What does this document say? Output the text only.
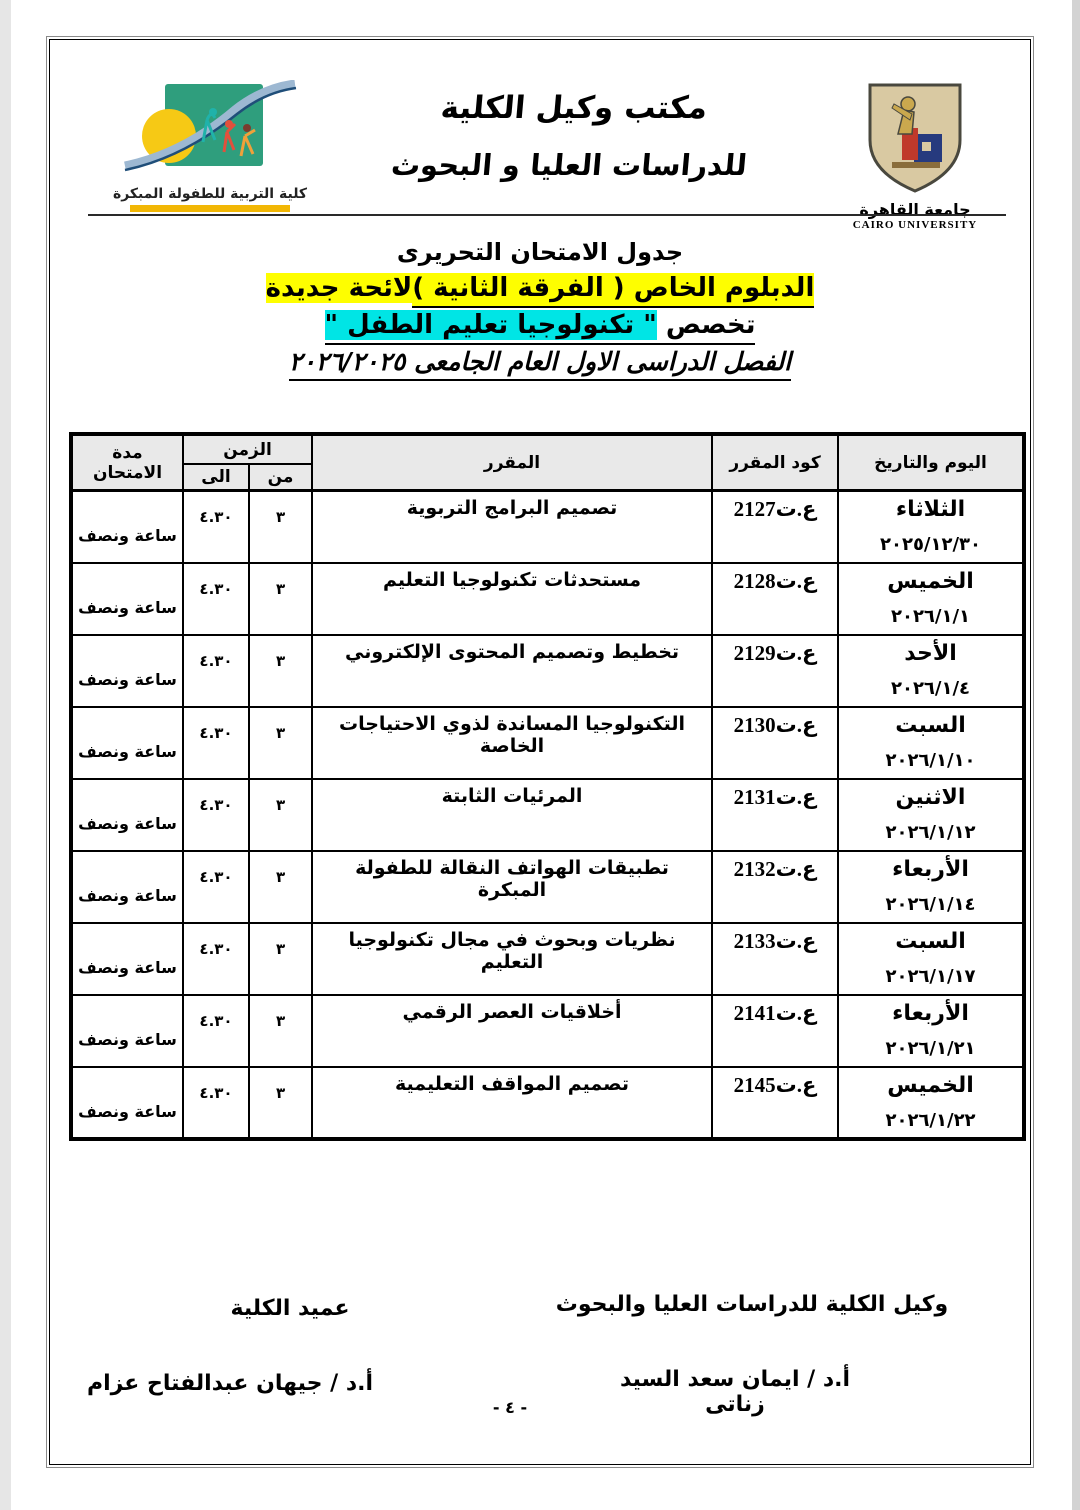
كلية التربية للطفولة المبكرة
مكتب وكيل الكلية
للدراسات العليا و البحوث
جامعة القاهرة
CAIRO UNIVERSITY
جدول الامتحان التحريرى
الدبلوم الخاص ( الفرقة الثانية )لائحة جديدة
تخصص " تكنولوجيا تعليم الطفل "
الفصل الدراسى الاول العام الجامعى ٢٠٢٦/٢٠٢٥
اليوم والتاريخ	كود المقرر	المقرر	الزمن		مدة الامتحان
			من	الى	

الثلاثاء
٢٠٢٥/١٢/٣٠	ع.ت2127	تصميم البرامج التربوية	٣	٤.٣٠	ساعة ونصف

الخميس
٢٠٢٦/١/١	ع.ت2128	مستحدثات تكنولوجيا التعليم	٣	٤.٣٠	ساعة ونصف

الأحد
٢٠٢٦/١/٤	ع.ت2129	تخطيط وتصميم المحتوى الإلكتروني	٣	٤.٣٠	ساعة ونصف

السبت
٢٠٢٦/١/١٠	ع.ت2130	التكنولوجيا المساندة لذوي الاحتياجات الخاصة	٣	٤.٣٠	ساعة ونصف

الاثنين
٢٠٢٦/١/١٢	ع.ت2131	المرئيات الثابتة	٣	٤.٣٠	ساعة ونصف

الأربعاء
٢٠٢٦/١/١٤	ع.ت2132	تطبيقات الهواتف النقالة للطفولة المبكرة	٣	٤.٣٠	ساعة ونصف

السبت
٢٠٢٦/١/١٧	ع.ت2133	نظريات وبحوث في مجال تكنولوجيا التعليم	٣	٤.٣٠	ساعة ونصف

الأربعاء
٢٠٢٦/١/٢١	ع.ت2141	أخلاقيات العصر الرقمي	٣	٤.٣٠	ساعة ونصف

الخميس
٢٠٢٦/١/٢٢	ع.ت2145	تصميم المواقف التعليمية	٣	٤.٣٠	ساعة ونصف
وكيل الكلية للدراسات العليا والبحوث
عميد الكلية
أ.د / ايمان سعد السيد زناتى
أ.د / جيهان عبدالفتاح عزام
- ٤ -
